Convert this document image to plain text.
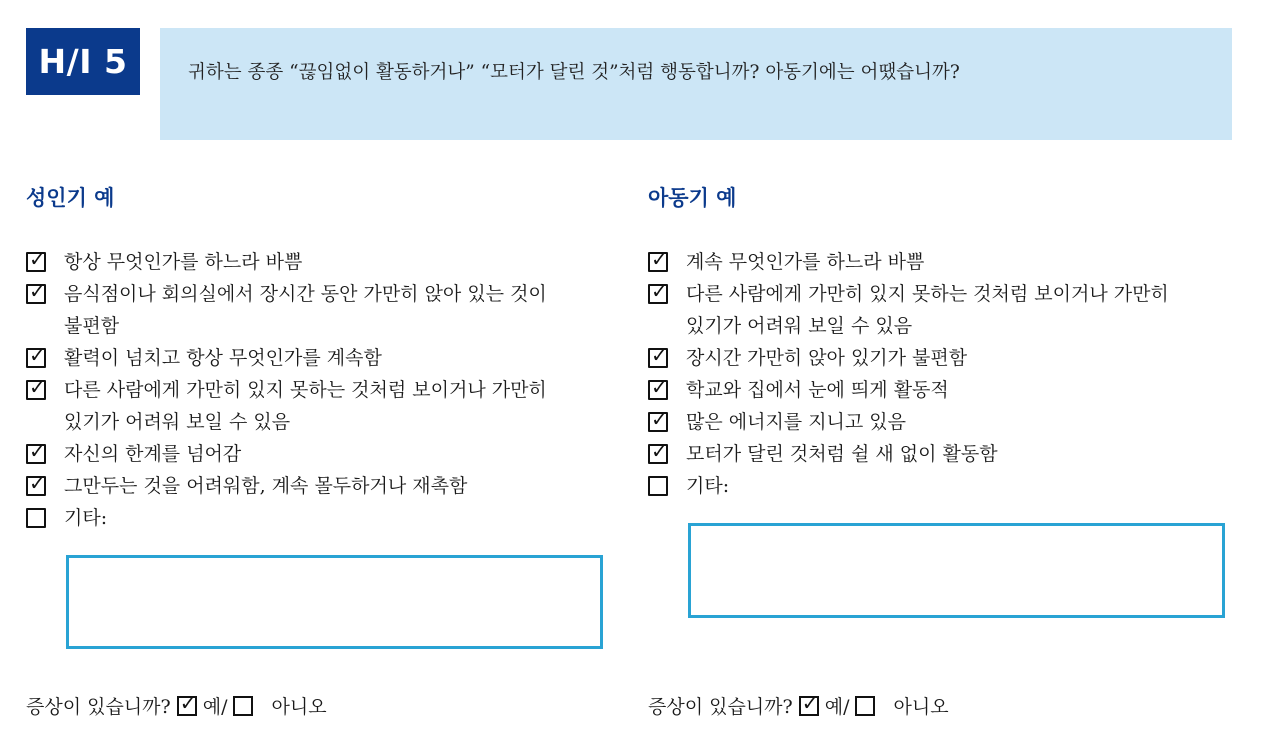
H/I 5	귀하는 종종 “끊임없이 활동하거나” “모터가 달린 것”처럼 행동합니까? 아동기에는 어땠습니까?
성인기 예
✓ 항상 무엇인가를 하느라 바쁨
✓ 음식점이나 회의실에서 장시간 동안 가만히 앉아 있는 것이
불편함
✓ 활력이 넘치고 항상 무엇인가를 계속함
✓ 다른 사람에게 가만히 있지 못하는 것처럼 보이거나 가만히
있기가 어려워 보일 수 있음
✓ 자신의 한계를 넘어감
✓ 그만두는 것을 어려워함, 계속 몰두하거나 재촉함
기타:
증상이 있습니까? ✓ 예/ 아니오
아동기 예
✓ 계속 무엇인가를 하느라 바쁨
✓ 다른 사람에게 가만히 있지 못하는 것처럼 보이거나 가만히
있기가 어려워 보일 수 있음
✓ 장시간 가만히 앉아 있기가 불편함
✓ 학교와 집에서 눈에 띄게 활동적
✓ 많은 에너지를 지니고 있음
✓ 모터가 달린 것처럼 쉴 새 없이 활동함
기타:
증상이 있습니까? ✓ 예/ 아니오
